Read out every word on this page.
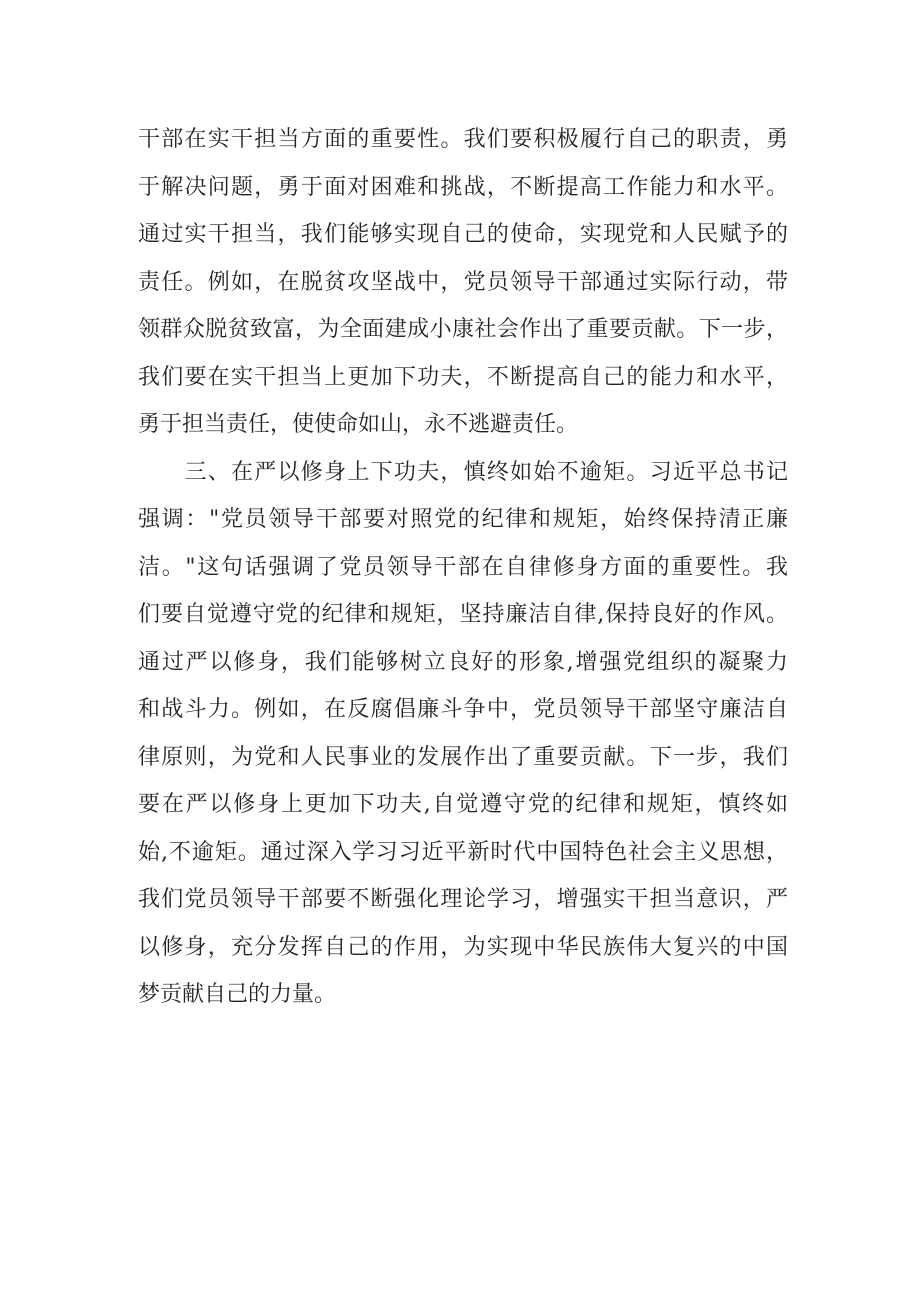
干部在实干担当方面的重要性。我们要积极履行自己的职责，勇
于解决问题，勇于面对困难和挑战，不断提高工作能力和水平。
通过实干担当，我们能够实现自己的使命，实现党和人民赋予的
责任。例如，在脱贫攻坚战中，党员领导干部通过实际行动，带
领群众脱贫致富，为全面建成小康社会作出了重要贡献。下一步，
我们要在实干担当上更加下功夫，不断提高自己的能力和水平，
勇于担当责任，使使命如山，永不逃避责任。
　　三、在严以修身上下功夫，慎终如始不逾矩。习近平总书记
强调："党员领导干部要对照党的纪律和规矩，始终保持清正廉
洁。"这句话强调了党员领导干部在自律修身方面的重要性。我
们要自觉遵守党的纪律和规矩，坚持廉洁自律,保持良好的作风。
通过严以修身，我们能够树立良好的形象,增强党组织的凝聚力
和战斗力。例如，在反腐倡廉斗争中，党员领导干部坚守廉洁自
律原则，为党和人民事业的发展作出了重要贡献。下一步，我们
要在严以修身上更加下功夫,自觉遵守党的纪律和规矩，慎终如
始,不逾矩。通过深入学习习近平新时代中国特色社会主义思想，
我们党员领导干部要不断强化理论学习，增强实干担当意识，严
以修身，充分发挥自己的作用，为实现中华民族伟大复兴的中国
梦贡献自己的力量。
